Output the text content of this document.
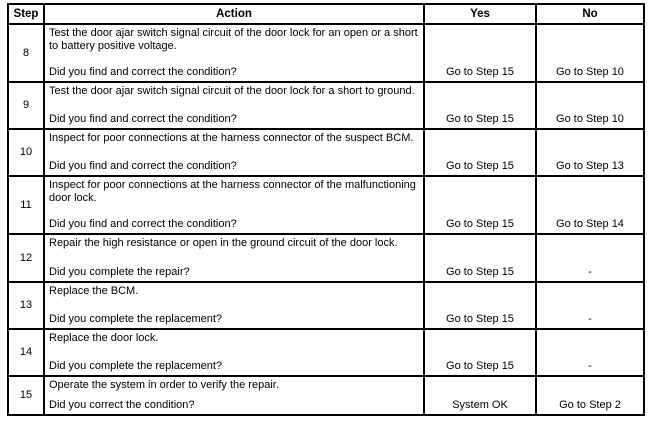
Step	Action	Yes	No
8	Test the door ajar switch signal circuit of the door lock for an open or a short to battery positive voltage.
Did you find and correct the condition?	Go to Step 15	Go to Step 10

9	Test the door ajar switch signal circuit of the door lock for a short to ground.
Did you find and correct the condition?	Go to Step 15	Go to Step 10

10	Inspect for poor connections at the harness connector of the suspect BCM.
Did you find and correct the condition?	Go to Step 15	Go to Step 13

11	Inspect for poor connections at the harness connector of the malfunctioning door lock.
Did you find and correct the condition?	Go to Step 15	Go to Step 14

12	Repair the high resistance or open in the ground circuit of the door lock.
Did you complete the repair?	Go to Step 15	-

13	Replace the BCM.
Did you complete the replacement?	Go to Step 15	-

14	Replace the door lock.
Did you complete the replacement?	Go to Step 15	-

15	Operate the system in order to verify the repair.
Did you correct the condition?	System OK	Go to Step 2
